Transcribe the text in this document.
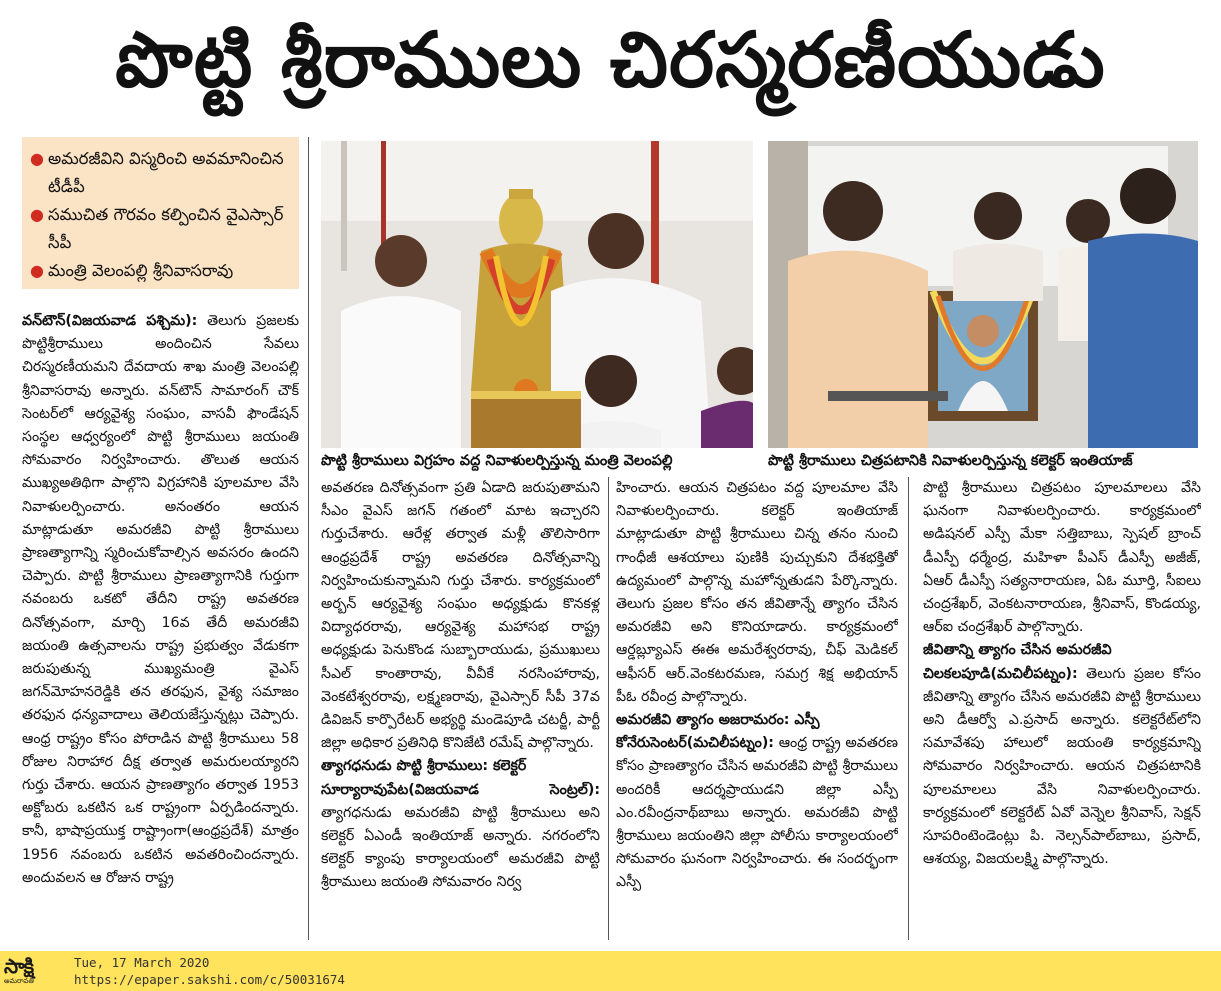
పొట్టి శ్రీరాములు చిరస్మరణీయుడు
● అమరజీవిని విస్మరించి అవమానించిన టీడీపీ
● సముచిత గౌరవం కల్పించిన వైఎస్సార్ సీపీ
● మంత్రి వెలంపల్లి శ్రీనివాసరావు
పొట్టి శ్రీరాములు విగ్రహం వద్ద నివాళులర్పిస్తున్న మంత్రి వెలంపల్లి	పొట్టి శ్రీరాములు చిత్రపటానికి నివాళులర్పిస్తున్న కలెక్టర్ ఇంతియాజ్

వన్‌టౌన్(విజయవాడ పశ్చిమ): తెలుగు ప్రజలకు పొట్టిశ్రీరాములు అందించిన సేవలు చిరస్మరణీయమని దేవదాయ శాఖ మంత్రి వెలంపల్లి శ్రీనివాసరావు అన్నారు. వన్‌టౌన్ సామారంగ్ చౌక్ సెంటర్‌లో ఆర్యవైశ్య సంఘం, వాసవీ ఫౌండేషన్ సంస్థల ఆధ్వర్యంలో పొట్టి శ్రీరాములు జయంతి సోమవారం నిర్వహించారు. తొలుత ఆయన ముఖ్యఅతిథిగా పాల్గొని విగ్రహానికి పూలమాల వేసి నివాళులర్పించారు. అనంతరం ఆయన మాట్లాడుతూ అమరజీవి పొట్టి శ్రీరాములు ప్రాణత్యాగాన్ని స్మరించుకోవాల్సిన అవసరం ఉందని చెప్పారు. పొట్టి శ్రీరాములు ప్రాణత్యాగానికి గుర్తుగా నవంబరు ఒకటో తేదీని రాష్ట్ర అవతరణ దినోత్సవంగా, మార్చి 16వ తేదీ అమరజీవి జయంతి ఉత్సవాలను రాష్ట్ర ప్రభుత్వం వేడుకగా జరుపుతున్న ముఖ్యమంత్రి వైఎస్ జగన్‌మోహనరెడ్డికి తన తరఫున, వైశ్య సమాజం తరఫున ధన్యవాదాలు తెలియజేస్తున్నట్లు చెప్పారు. ఆంధ్ర రాష్ట్రం కోసం పోరాడిన పొట్టి శ్రీరాములు 58 రోజుల నిరాహార దీక్ష తర్వాత అమరులయ్యారని గుర్తు చేశారు. ఆయన ప్రాణత్యాగం తర్వాత 1953 అక్టోబరు ఒకటిన ఒక రాష్ట్రంగా ఏర్పడిందన్నారు. కానీ, భాషాప్రయుక్త రాష్ట్రాంగా(ఆంధ్రప్రదేశ్) మాత్రం 1956 నవంబరు ఒకటిన అవతరించిందన్నారు. అందువలన ఆ రోజున రాష్ట్ర

అవతరణ దినోత్సవంగా ప్రతి ఏడాది జరుపుతామని సీఎం వైఎస్ జగన్ గతంలో మాట ఇచ్చారని గుర్తుచేశారు. ఆరేళ్ల తర్వాత మళ్లీ తొలిసారిగా ఆంధ్రప్రదేశ్ రాష్ట్ర అవతరణ దినోత్సవాన్ని నిర్వహించుకున్నామని గుర్తు చేశారు. కార్యక్రమంలో అర్బన్ ఆర్యవైశ్య సంఘం అధ్యక్షుడు కొనకళ్ల విద్యాధరరావు, ఆర్యవైశ్య మహాసభ రాష్ట్ర అధ్యక్షుడు పెనుకొండ సుబ్బారాయుడు, ప్రముఖులు సీఎల్ కాంతారావు, వీవీకే నరసింహారావు, వెంకటేశ్వరరావు, లక్ష్మణరావు, వైఎస్సార్ సీపీ 37వ డివిజన్ కార్పొరేటర్ అభ్యర్థి మండెపూడి చటర్జీ, పార్టీ జిల్లా అధికార ప్రతినిధి కొనిజేటి రమేష్ పాల్గొన్నారు.

త్యాగధనుడు పొట్టి శ్రీరాములు: కలెక్టర్

సూర్యారావుపేట(విజయవాడ సెంట్రల్): త్యాగధనుడు అమరజీవి పొట్టి శ్రీరాములు అని కలెక్టర్ ఏఎండీ ఇంతియాజ్ అన్నారు. నగరంలోని కలెక్టర్ క్యాంపు కార్యాలయంలో అమరజీవి పొట్టి శ్రీరాములు జయంతి సోమవారం నిర్వ

హించారు. ఆయన చిత్రపటం వద్ద పూలమాల వేసి నివాళులర్పించారు. కలెక్టర్ ఇంతియాజ్ మాట్లాడుతూ పొట్టి శ్రీరాములు చిన్న తనం నుంచి గాంధీజీ ఆశయాలు పుణికి పుచ్చుకుని దేశభక్తితో ఉద్యమంలో పాల్గొన్న మహోన్నతుడని పేర్కొన్నారు. తెలుగు ప్రజల కోసం తన జీవితాన్నే త్యాగం చేసిన అమరజీవి అని కొనియాడారు. కార్యక్రమంలో ఆర్డబ్ల్యూఎస్ ఈఈ అమరేశ్వరరావు, చీఫ్ మెడికల్ ఆఫీసర్ ఆర్.వెంకటరమణ, సమగ్ర శిక్ష అభియాన్ పీఓ రవీంద్ర పాల్గొన్నారు.

అమరజీవి త్యాగం అజరామరం: ఎస్పీ

కోనేరుసెంటర్(మచిలీపట్నం): ఆంధ్ర రాష్ట్ర అవతరణ కోసం ప్రాణత్యాగం చేసిన అమరజీవి పొట్టి శ్రీరాములు అందరికీ ఆదర్శప్రాయుడని జిల్లా ఎస్పీ ఎం.రవీంద్రనాథ్‌బాబు అన్నారు. అమరజీవి పొట్టి శ్రీరాములు జయంతిని జిల్లా పోలీసు కార్యాలయంలో సోమవారం ఘనంగా నిర్వహించారు. ఈ సందర్భంగా ఎస్పీ

పొట్టి శ్రీరాములు చిత్రపటం పూలమాలలు వేసి ఘనంగా నివాళులర్పించారు. కార్యక్రమంలో అడిషనల్ ఎస్పీ మేకా సత్తిబాబు, స్పెషల్ బ్రాంచ్ డీఎస్పీ ధర్మేంద్ర, మహిళా పీఎస్ డీఎస్పీ అజీజ్, ఏఆర్ డీఎస్పీ సత్యనారాయణ, ఏఓ మూర్తి, సీఐలు చంద్రశేఖర్, వెంకటనారాయణ, శ్రీనివాస్, కొండయ్య, ఆర్ఐ చంద్రశేఖర్ పాల్గొన్నారు.

జీవితాన్ని త్యాగం చేసిన అమరజీవి

చిలకలపూడి(మచిలీపట్నం): తెలుగు ప్రజల కోసం జీవితాన్ని త్యాగం చేసిన అమరజీవి పొట్టి శ్రీరాములు అని డీఆర్వో ఎ.ప్రసాద్ అన్నారు. కలెక్టరేట్‌లోని సమావేశపు హాలులో జయంతి కార్యక్రమాన్ని సోమవారం నిర్వహించారు. ఆయన చిత్రపటానికి పూలమాలలు వేసి నివాళులర్పించారు. కార్యక్రమంలో కలెక్టరేట్ ఏవో వెన్నెల శ్రీనివాస్, సెక్షన్ సూపరింటెండెంట్లు పి. నెల్సన్‌పాల్‌బాబు, ప్రసాద్, ఆశయ్య, విజయలక్ష్మి పాల్గొన్నారు.

సాక్షి
అమరావతి
Tue, 17 March 2020
https://epaper.sakshi.com/c/50031674
